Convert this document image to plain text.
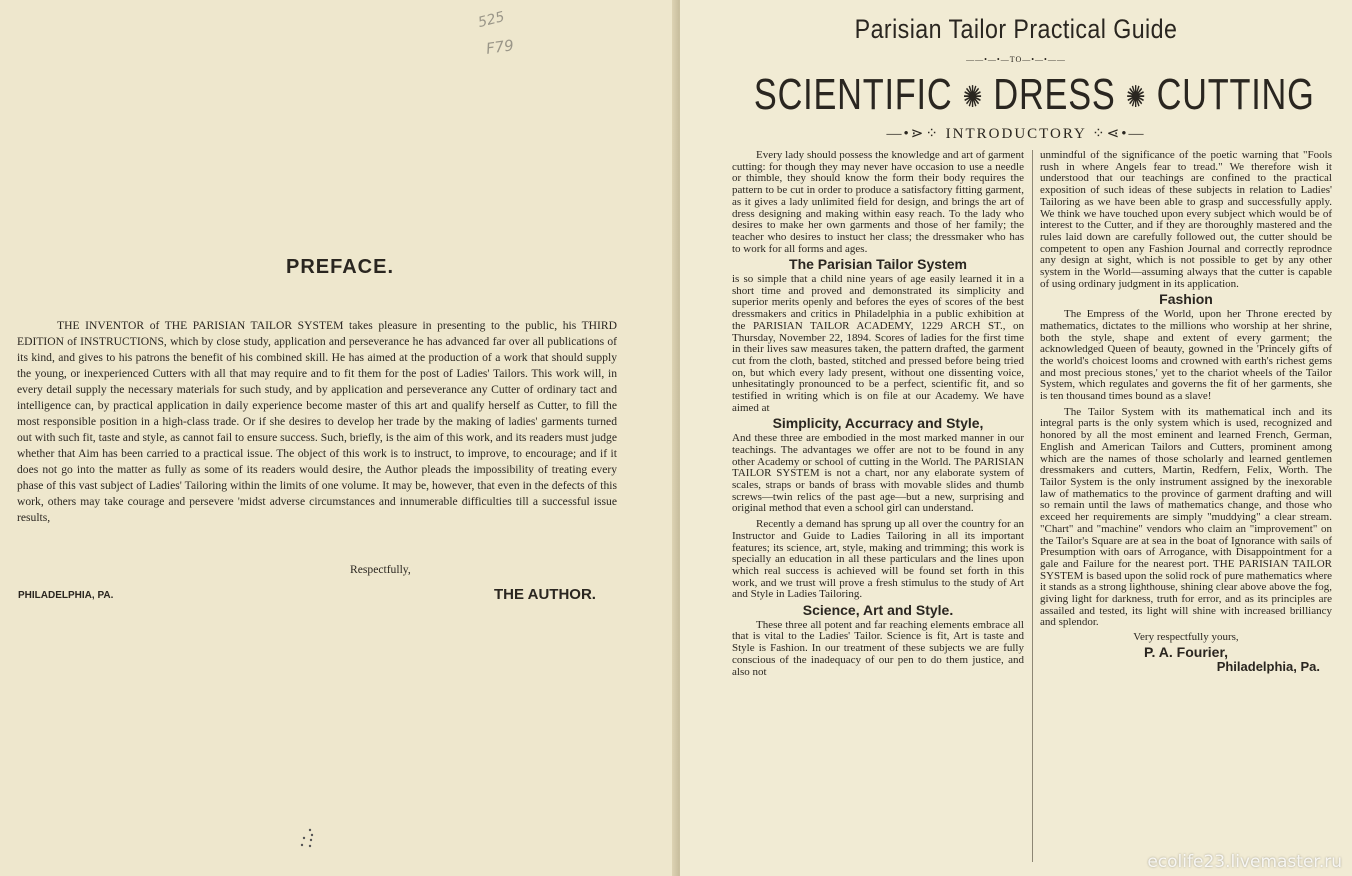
525
F79
PREFACE.

THE INVENTOR of THE PARISIAN TAILOR SYSTEM takes pleasure in presenting to the public, his THIRD EDITION of INSTRUCTIONS, which by close study, application and perseverance he has advanced far over all publications of its kind, and gives to his patrons the benefit of his combined skill. He has aimed at the production of a work that should supply the young, or inexperienced Cutters with all that may require and to fit them for the post of Ladies' Tailors. This work will, in every detail supply the necessary materials for such study, and by application and perseverance any Cutter of ordinary tact and intelligence can, by practical application in daily experience become master of this art and qualify herself as Cutter, to fill the most responsible position in a high-class trade. Or if she desires to develop her trade by the making of ladies' garments turned out with such fit, taste and style, as cannot fail to ensure success. Such, briefly, is the aim of this work, and its readers must judge whether that Aim has been carried to a practical issue. The object of this work is to instruct, to improve, to encourage; and if it does not go into the matter as fully as some of its readers would desire, the Author pleads the impossibility of treating every phase of this vast subject of Ladies' Tailoring within the limits of one volume. It may be, however, that even in the defects of this work, others may take courage and persevere 'midst adverse circumstances and innumerable difficulties till a successful issue results,

Respectfully,
PHILADELPHIA, PA.	THE AUTHOR.
Parisian Tailor Practical Guide
——•—•—TO—•—•——
SCIENTIFIC ✺ DRESS ✺ CUTTING
—•⋗⁘ INTRODUCTORY ⁘⋖•—

Every lady should possess the knowledge and art of garment cutting: for though they may never have occasion to use a needle or thimble, they should know the form their body requires the pattern to be cut in order to produce a satisfactory fitting garment, as it gives a lady unlimited field for design, and brings the art of dress designing and making within easy reach. To the lady who desires to make her own garments and those of her family; the teacher who desires to instuct her class; the dressmaker who has to work for all forms and ages.

The Parisian Tailor System

is so simple that a child nine years of age easily learned it in a short time and proved and demonstrated its simplicity and superior merits openly and befores the eyes of scores of the best dressmakers and critics in Philadelphia in a public exhibition at the PARISIAN TAILOR ACADEMY, 1229 ARCH ST., on Thursday, November 22, 1894. Scores of ladies for the first time in their lives saw measures taken, the pattern drafted, the garment cut from the cloth, basted, stitched and pressed before being tried on, but which every lady present, without one dissenting voice, unhesitatingly pronounced to be a perfect, scientific fit, and so testified in writing which is on file at our Academy. We have aimed at

Simplicity, Accurracy and Style,

And these three are embodied in the most marked manner in our teachings. The advantages we offer are not to be found in any other Academy or school of cutting in the World. The PARISIAN TAILOR SYSTEM is not a chart, nor any elaborate system of scales, straps or bands of brass with movable slides and thumb screws—twin relics of the past age—but a new, surprising and original method that even a school girl can understand.

Recently a demand has sprung up all over the country for an Instructor and Guide to Ladies Tailoring in all its important features; its science, art, style, making and trimming; this work is specially an education in all these particulars and the lines upon which real success is achieved will be found set forth in this work, and we trust will prove a fresh stimulus to the study of Art and Style in Ladies Tailoring.

Science, Art and Style.

These three all potent and far reaching elements embrace all that is vital to the Ladies' Tailor. Science is fit, Art is taste and Style is Fashion. In our treatment of these subjects we are fully conscious of the inadequacy of our pen to do them justice, and also not

unmindful of the significance of the poetic warning that "Fools rush in where Angels fear to tread." We therefore wish it understood that our teachings are confined to the practical exposition of such ideas of these subjects in relation to Ladies' Tailoring as we have been able to grasp and successfully apply. We think we have touched upon every subject which would be of interest to the Cutter, and if they are thoroughly mastered and the rules laid down are carefully followed out, the cutter should be competent to open any Fashion Journal and correctly reprodnce any design at sight, which is not possible to get by any other system in the World—assuming always that the cutter is capable of using ordinary judgment in its application.

Fashion

The Empress of the World, upon her Throne erected by mathematics, dictates to the millions who worship at her shrine, both the style, shape and extent of every garment; the acknowledged Queen of beauty, gowned in the 'Princely gifts of the world's choicest looms and crowned with earth's richest gems and most precious stones,' yet to the chariot wheels of the Tailor System, which regulates and governs the fit of her garments, she is ten thousand times bound as a slave!

The Tailor System with its mathematical inch and its integral parts is the only system which is used, recognized and honored by all the most eminent and learned French, German, English and American Tailors and Cutters, prominent among which are the names of those scholarly and learned gentlemen dressmakers and cutters, Martin, Redfern, Felix, Worth. The Tailor System is the only instrument assigned by the inexorable law of mathematics to the province of garment drafting and will so remain until the laws of mathematics change, and those who exceed her requirements are simply "muddying" a clear stream. "Chart" and "machine" vendors who claim an "improvement" on the Tailor's Square are at sea in the boat of Ignorance with sails of Presumption with oars of Arrogance, with Disappointment for a gale and Failure for the nearest port. THE PARISIAN TAILOR SYSTEM is based upon the solid rock of pure mathematics where it stands as a strong lighthouse, shining clear above above the fog, giving light for darkness, truth for error, and as its principles are assailed and tested, its light will shine with increased brilliancy and splendor.

Very respectfully yours,
P. A. Fourier,
Philadelphia, Pa.
ecolife23.livemaster.ru
